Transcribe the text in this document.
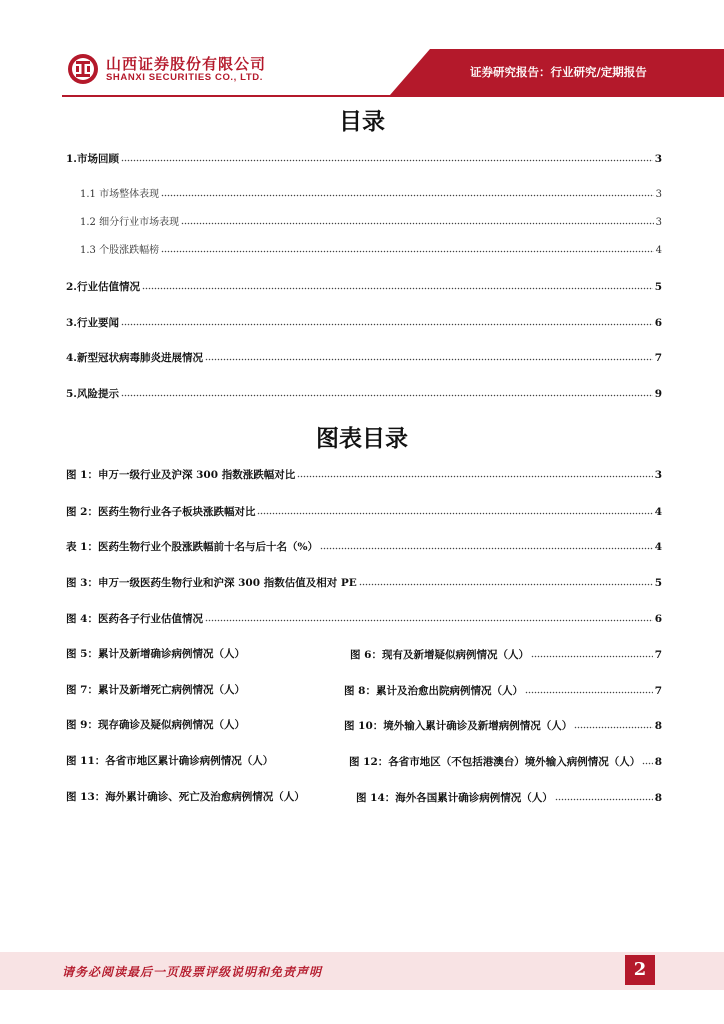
山西证券股份有限公司
SHANXI SECURITIES CO., LTD.	证券研究报告：行业研究/定期报告
目录
1.市场回顾	3
1.1 市场整体表现	3
1.2 细分行业市场表现	3
1.3 个股涨跌幅榜	4
2.行业估值情况	5
3.行业要闻	6
4.新型冠状病毒肺炎进展情况	7
5.风险提示	9
图表目录
图 1：申万一级行业及沪深 300 指数涨跌幅对比	3
图 2：医药生物行业各子板块涨跌幅对比	4
表 1：医药生物行业个股涨跌幅前十名与后十名（%）	4
图 3：申万一级医药生物行业和沪深 300 指数估值及相对 PE	5
图 4：医药各子行业估值情况	6
图 5：累计及新增确诊病例情况（人）	图 6：现有及新增疑似病例情况（人）	7
图 7：累计及新增死亡病例情况（人）	图 8：累计及治愈出院病例情况（人）	7
图 9：现存确诊及疑似病例情况（人）	图 10：境外输入累计确诊及新增病例情况（人）	8
图 11：各省市地区累计确诊病例情况（人）	图 12：各省市地区（不包括港澳台）境外输入病例情况（人） 8
图 13：海外累计确诊、死亡及治愈病例情况（人）	图 14：海外各国累计确诊病例情况（人）	8
请务必阅读最后一页股票评级说明和免责声明	2
